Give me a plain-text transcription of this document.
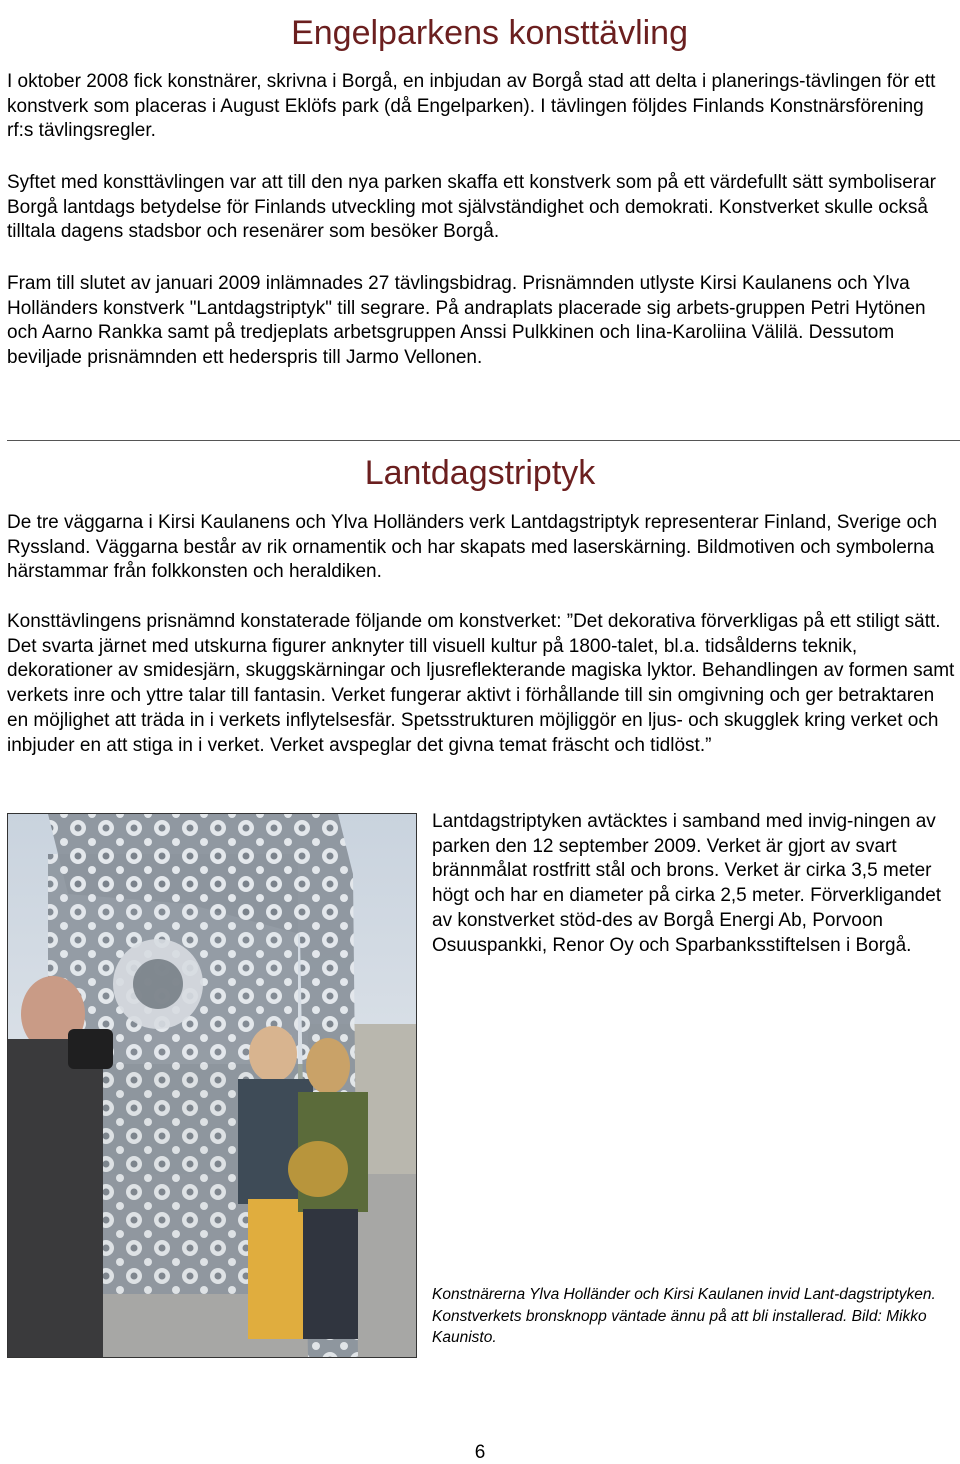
Engelparkens konsttävling

I oktober 2008 fick konstnärer, skrivna i Borgå, en inbjudan av Borgå stad att delta i planerings-tävlingen för ett konstverk som placeras i August Eklöfs park (då Engelparken). I tävlingen följdes Finlands Konstnärsförening rf:s tävlingsregler.

Syftet med konsttävlingen var att till den nya parken skaffa ett konstverk som på ett värdefullt sätt symboliserar Borgå lantdags betydelse för Finlands utveckling mot självständighet och demokrati. Konstverket skulle också tilltala dagens stadsbor och resenärer som besöker Borgå.

Fram till slutet av januari 2009 inlämnades 27 tävlingsbidrag. Prisnämnden utlyste Kirsi Kaulanens och Ylva Holländers konstverk "Lantdagstriptyk" till segrare. På andraplats placerade sig arbets-gruppen Petri Hytönen och Aarno Rankka samt på tredjeplats arbetsgruppen Anssi Pulkkinen och Iina-Karoliina Välilä. Dessutom beviljade prisnämnden ett hederspris till Jarmo Vellonen.

Lantdagstriptyk

De tre väggarna i Kirsi Kaulanens och Ylva Holländers verk Lantdagstriptyk representerar Finland, Sverige och Ryssland. Väggarna består av rik ornamentik och har skapats med laserskärning. Bildmotiven och symbolerna härstammar från folkkonsten och heraldiken.

Konsttävlingens prisnämnd konstaterade följande om konstverket: ”Det dekorativa förverkligas på ett stiligt sätt. Det svarta järnet med utskurna figurer anknyter till visuell kultur på 1800-talet, bl.a. tidsålderns teknik, dekorationer av smidesjärn, skuggskärningar och ljusreflekterande magiska lyktor. Behandlingen av formen samt verkets inre och yttre talar till fantasin. Verket fungerar aktivt i förhållande till sin omgivning och ger betraktaren en möjlighet att träda in i verkets inflytelsesfär. Spetsstrukturen möjliggör en ljus- och skugglek kring verket och inbjuder en att stiga in i verket. Verket avspeglar det givna temat fräscht och tidlöst.”

Lantdagstriptyken avtäcktes i samband med invig-ningen av parken den 12 september 2009. Verket är gjort av svart brännmålat rostfritt stål och brons. Verket är cirka 3,5 meter högt och har en diameter på cirka 2,5 meter. Förverkligandet av konstverket stöd-des av Borgå Energi Ab, Porvoon Osuuspankki, Renor Oy och Sparbanksstiftelsen i Borgå.

Konstnärerna Ylva Holländer och Kirsi Kaulanen invid Lant-dagstriptyken. Konstverkets bronsknopp väntade ännu på att bli installerad. Bild: Mikko Kaunisto.

6
